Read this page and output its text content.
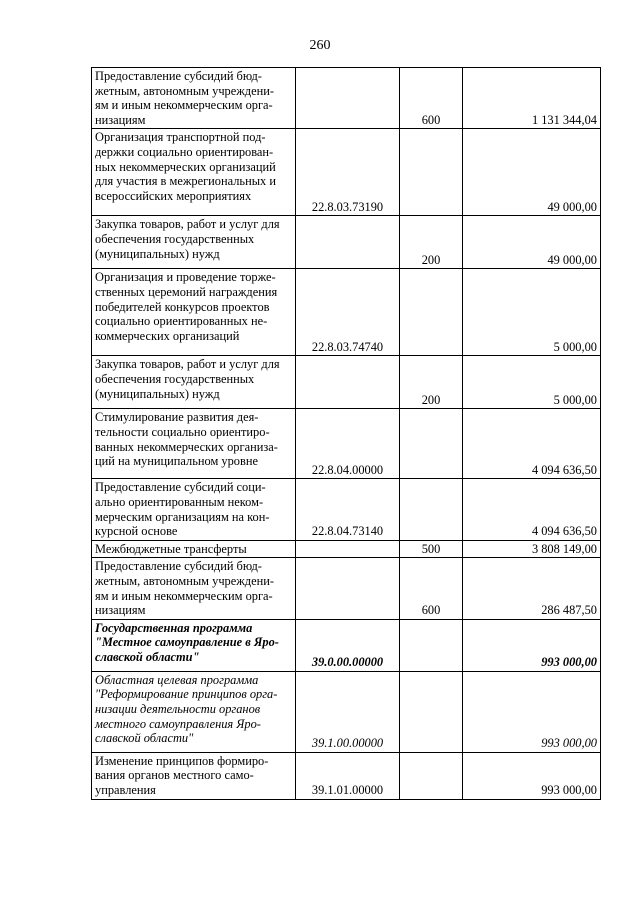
260
Предоставление субсидий бюд-
жетным, автономным учреждени-
ям и иным некоммерческим орга-
низациям		600	1 131 344,04
Организация транспортной под-
держки социально ориентирован-
ных некоммерческих организаций
для участия в межрегиональных и
всероссийских мероприятиях	22.8.03.73190		49 000,00
Закупка товаров, работ и услуг для
обеспечения государственных
(муниципальных) нужд		200	49 000,00
Организация и проведение торже-
ственных церемоний награждения
победителей конкурсов проектов
социально ориентированных не-
коммерческих организаций	22.8.03.74740		5 000,00
Закупка товаров, работ и услуг для
обеспечения государственных
(муниципальных) нужд		200	5 000,00
Стимулирование развития дея-
тельности социально ориентиро-
ванных некоммерческих организа-
ций на муниципальном уровне	22.8.04.00000		4 094 636,50
Предоставление субсидий соци-
ально ориентированным неком-
мерческим организациям на кон-
курсной основе	22.8.04.73140		4 094 636,50
Межбюджетные трансферты		500	3 808 149,00
Предоставление субсидий бюд-
жетным, автономным учреждени-
ям и иным некоммерческим орга-
низациям		600	286 487,50
Государственная программа
"Местное самоуправление в Яро-
славской области"	39.0.00.00000		993 000,00
Областная целевая программа
"Реформирование принципов орга-
низации деятельности органов
местного самоуправления Яро-
славской области"	39.1.00.00000		993 000,00
Изменение принципов формиро-
вания органов местного само-
управления	39.1.01.00000		993 000,00
